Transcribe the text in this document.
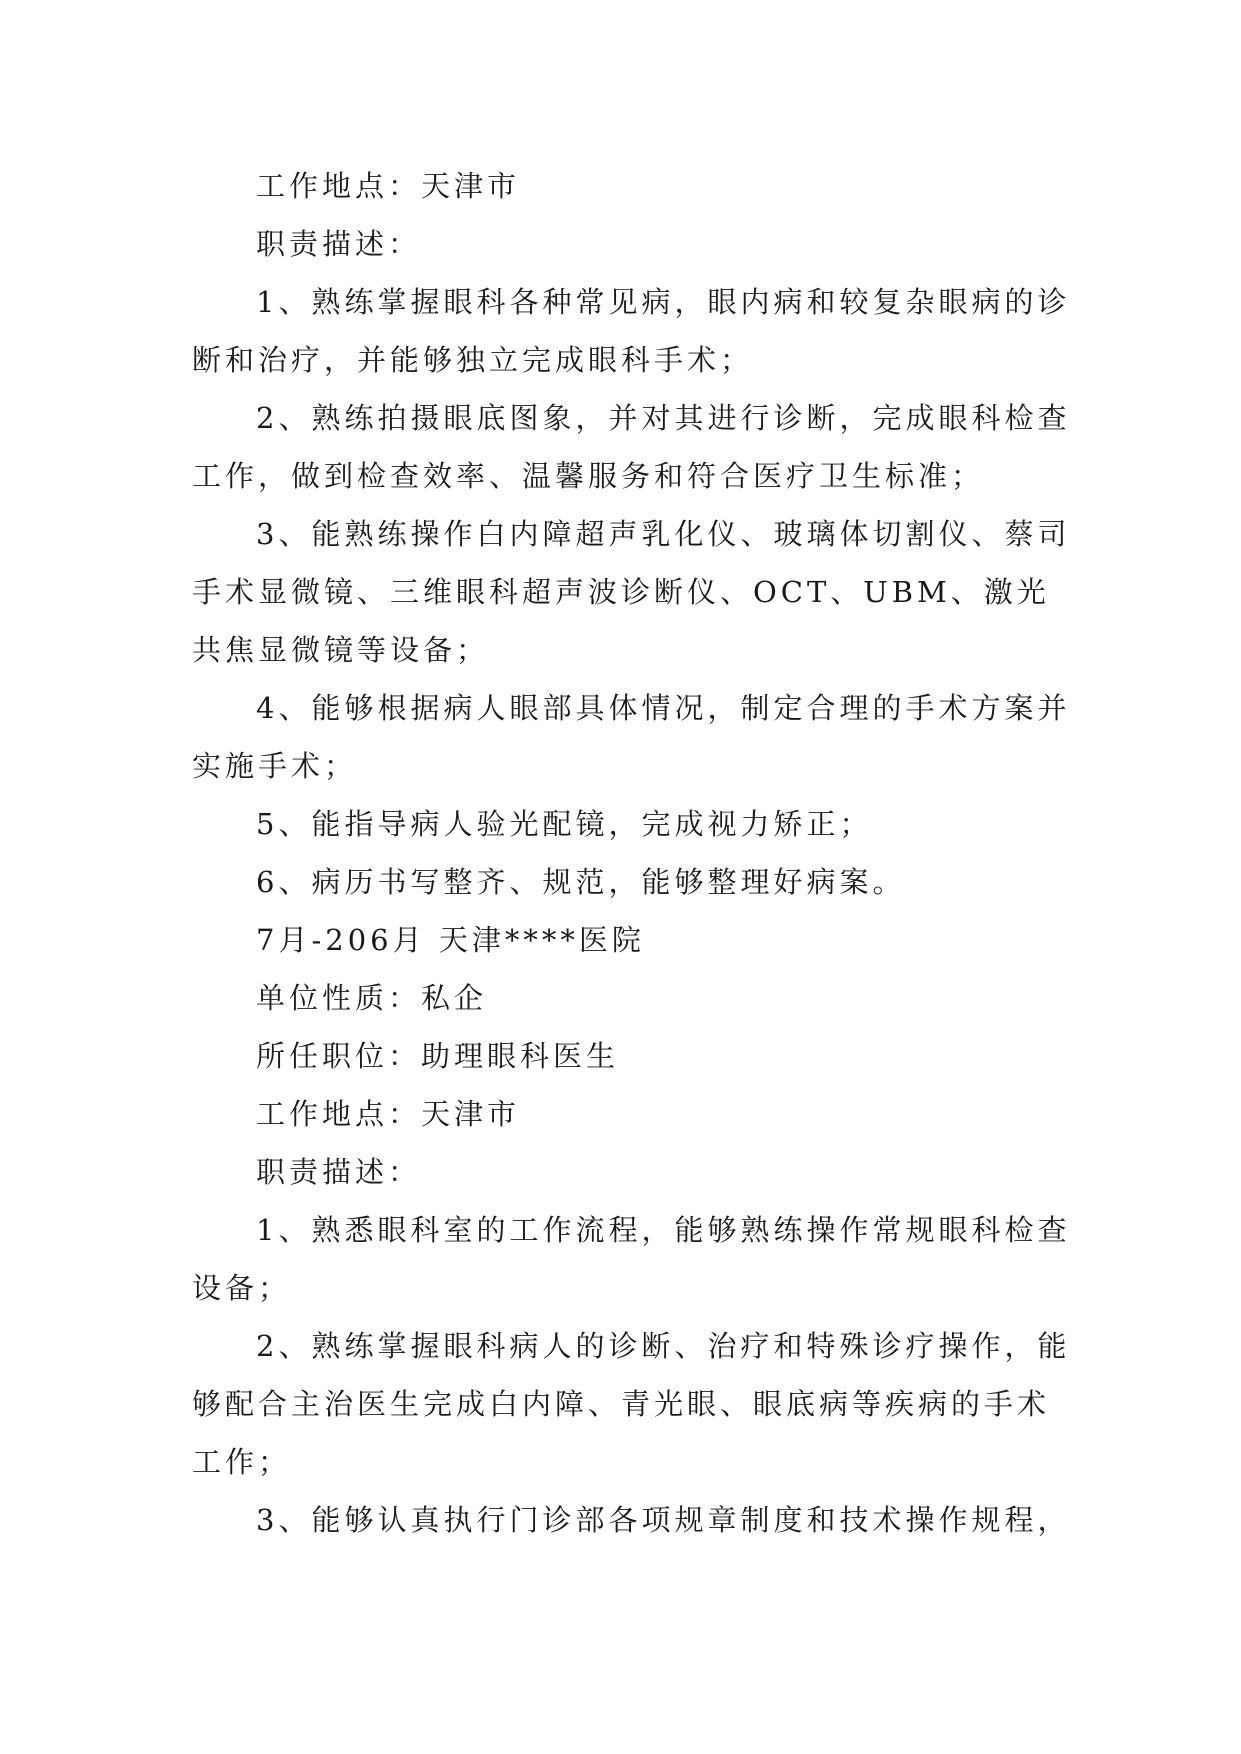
工作地点：天津市

职责描述：

1、熟练掌握眼科各种常见病，眼内病和较复杂眼病的诊断和治疗，并能够独立完成眼科手术；

2、熟练拍摄眼底图象，并对其进行诊断，完成眼科检查工作，做到检查效率、温馨服务和符合医疗卫生标准；

3、能熟练操作白内障超声乳化仪、玻璃体切割仪、蔡司手术显微镜、三维眼科超声波诊断仪、OCT、UBM、激光共焦显微镜等设备；

4、能够根据病人眼部具体情况，制定合理的手术方案并实施手术；

5、能指导病人验光配镜，完成视力矫正；

6、病历书写整齐、规范，能够整理好病案。

7月-206月 天津****医院

单位性质：私企

所任职位：助理眼科医生

工作地点：天津市

职责描述：

1、熟悉眼科室的工作流程，能够熟练操作常规眼科检查设备；

2、熟练掌握眼科病人的诊断、治疗和特殊诊疗操作，能够配合主治医生完成白内障、青光眼、眼底病等疾病的手术工作；

3、能够认真执行门诊部各项规章制度和技术操作规程，
